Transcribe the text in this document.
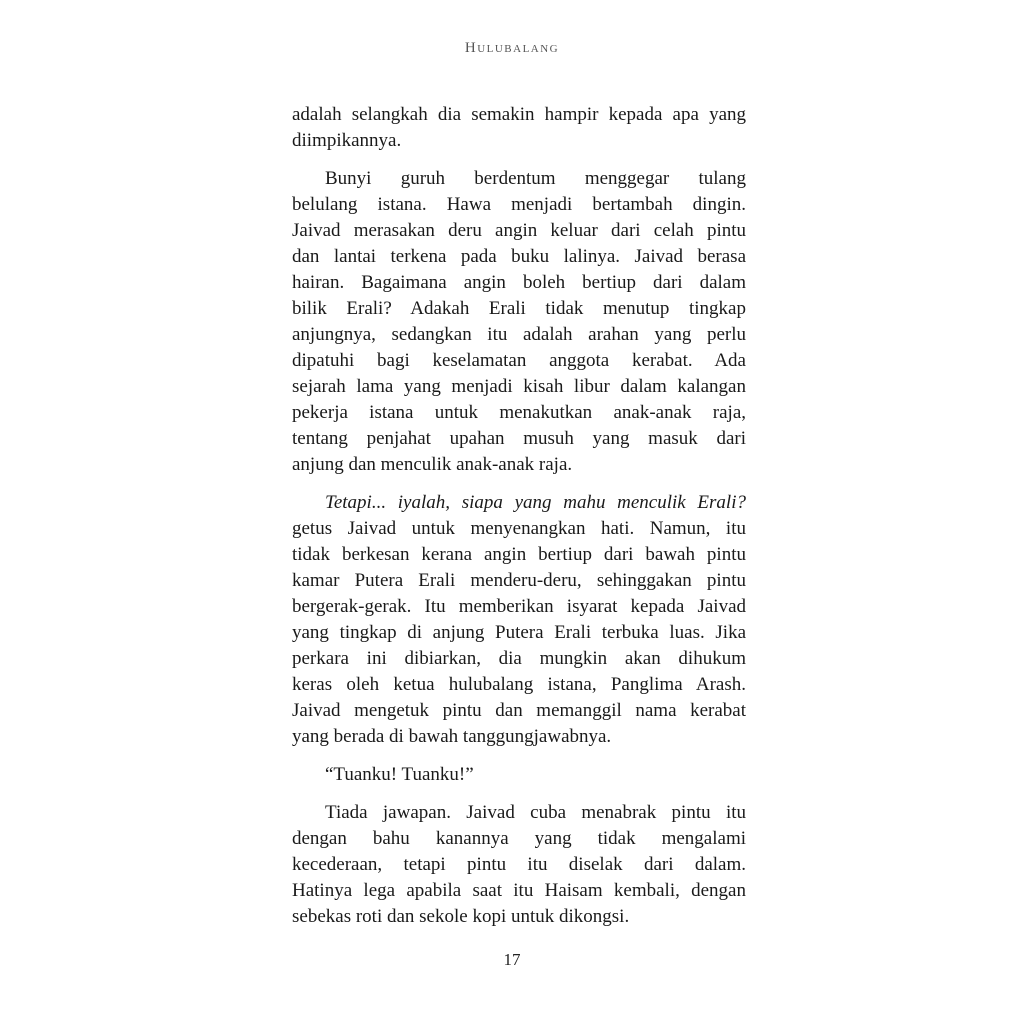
Hulubalang
adalah selangkah dia semakin hampir kepada apa yang
diimpikannya.
Bunyi guruh berdentum menggegar tulang
belulang istana. Hawa menjadi bertambah dingin.
Jaivad merasakan deru angin keluar dari celah pintu
dan lantai terkena pada buku lalinya. Jaivad berasa
hairan. Bagaimana angin boleh bertiup dari dalam
bilik Erali? Adakah Erali tidak menutup tingkap
anjungnya, sedangkan itu adalah arahan yang perlu
dipatuhi bagi keselamatan anggota kerabat. Ada
sejarah lama yang menjadi kisah libur dalam kalangan
pekerja istana untuk menakutkan anak-anak raja,
tentang penjahat upahan musuh yang masuk dari
anjung dan menculik anak-anak raja.
Tetapi... iyalah, siapa yang mahu menculik Erali?
getus Jaivad untuk menyenangkan hati. Namun, itu
tidak berkesan kerana angin bertiup dari bawah pintu
kamar Putera Erali menderu-deru, sehinggakan pintu
bergerak-gerak. Itu memberikan isyarat kepada Jaivad
yang tingkap di anjung Putera Erali terbuka luas. Jika
perkara ini dibiarkan, dia mungkin akan dihukum
keras oleh ketua hulubalang istana, Panglima Arash.
Jaivad mengetuk pintu dan memanggil nama kerabat
yang berada di bawah tanggungjawabnya.
“Tuanku! Tuanku!”
Tiada jawapan. Jaivad cuba menabrak pintu itu
dengan bahu kanannya yang tidak mengalami
kecederaan, tetapi pintu itu diselak dari dalam.
Hatinya lega apabila saat itu Haisam kembali, dengan
sebekas roti dan sekole kopi untuk dikongsi.
17
